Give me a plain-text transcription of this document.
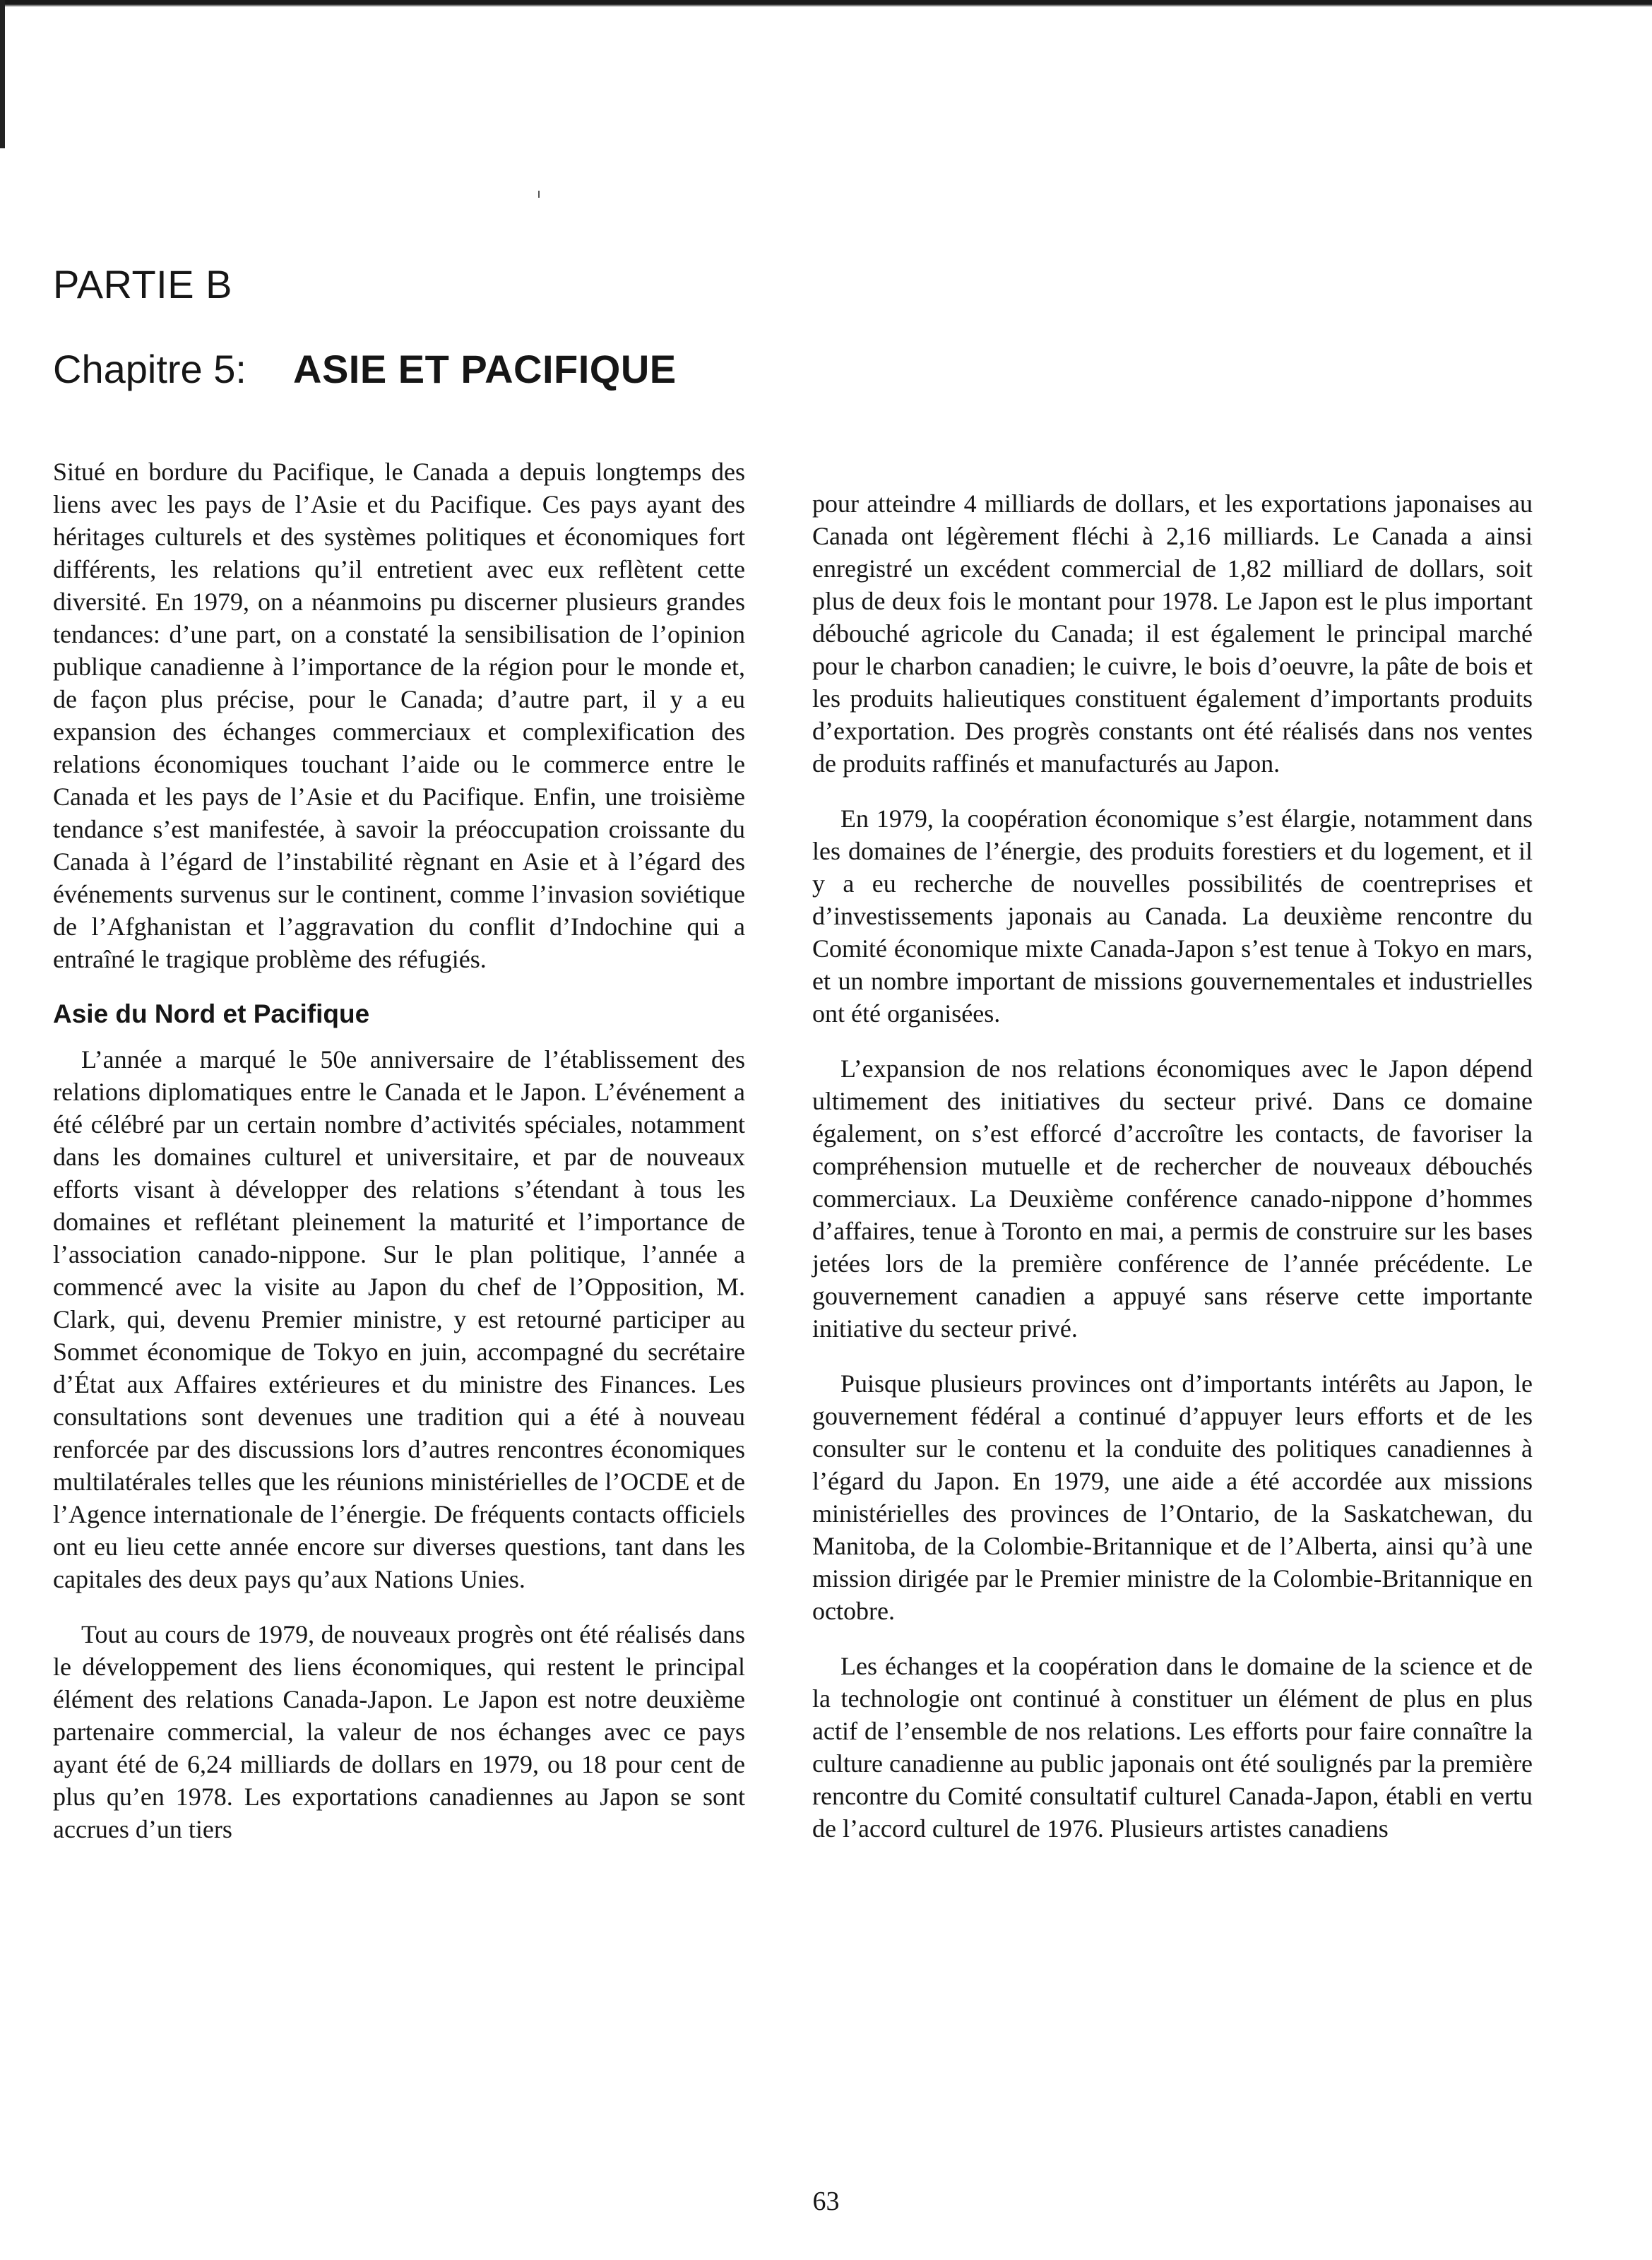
PARTIE B
Chapitre 5: ASIE ET PACIFIQUE

Situé en bordure du Pacifique, le Canada a depuis longtemps des liens avec les pays de l’Asie et du Pacifique. Ces pays ayant des héritages culturels et des systèmes politiques et économiques fort différents, les relations qu’il entretient avec eux reflètent cette diversité. En 1979, on a néanmoins pu discerner plusieurs grandes tendances: d’une part, on a constaté la sensibilisation de l’opinion publique canadienne à l’importance de la région pour le monde et, de façon plus précise, pour le Canada; d’autre part, il y a eu expansion des échanges commerciaux et complexification des relations économiques touchant l’aide ou le commerce entre le Canada et les pays de l’Asie et du Pacifique. Enfin, une troisième tendance s’est manifestée, à savoir la préoccupation croissante du Canada à l’égard de l’instabilité règnant en Asie et à l’égard des événements survenus sur le continent, comme l’invasion soviétique de l’Afghanistan et l’aggravation du conflit d’Indochine qui a entraîné le tragique problème des réfugiés.

Asie du Nord et Pacifique

L’année a marqué le 50e anniversaire de l’établissement des relations diplomatiques entre le Canada et le Japon. L’événement a été célébré par un certain nombre d’activités spéciales, notamment dans les domaines culturel et universitaire, et par de nouveaux efforts visant à développer des relations s’étendant à tous les domaines et reflétant pleinement la maturité et l’importance de l’association canado-nippone. Sur le plan politique, l’année a commencé avec la visite au Japon du chef de l’Opposition, M. Clark, qui, devenu Premier ministre, y est retourné participer au Sommet économique de Tokyo en juin, accompagné du secrétaire d’État aux Affaires extérieures et du ministre des Finances. Les consultations sont devenues une tradition qui a été à nouveau renforcée par des discussions lors d’autres rencontres économiques multilatérales telles que les réunions ministérielles de l’OCDE et de l’Agence internationale de l’énergie. De fréquents contacts officiels ont eu lieu cette année encore sur diverses questions, tant dans les capitales des deux pays qu’aux Nations Unies.

Tout au cours de 1979, de nouveaux progrès ont été réalisés dans le développement des liens économiques, qui restent le principal élément des relations Canada-Japon. Le Japon est notre deuxième partenaire commercial, la valeur de nos échanges avec ce pays ayant été de 6,24 milliards de dollars en 1979, ou 18 pour cent de plus qu’en 1978. Les exportations canadiennes au Japon se sont accrues d’un tiers

pour atteindre 4 milliards de dollars, et les exportations japonaises au Canada ont légèrement fléchi à 2,16 milliards. Le Canada a ainsi enregistré un excédent commercial de 1,82 milliard de dollars, soit plus de deux fois le montant pour 1978. Le Japon est le plus important débouché agricole du Canada; il est également le principal marché pour le charbon canadien; le cuivre, le bois d’oeuvre, la pâte de bois et les produits halieutiques constituent également d’importants produits d’exportation. Des progrès constants ont été réalisés dans nos ventes de produits raffinés et manufacturés au Japon.

En 1979, la coopération économique s’est élargie, notamment dans les domaines de l’énergie, des produits forestiers et du logement, et il y a eu recherche de nouvelles possibilités de coentreprises et d’investissements japonais au Canada. La deuxième rencontre du Comité économique mixte Canada-Japon s’est tenue à Tokyo en mars, et un nombre important de missions gouvernementales et industrielles ont été organisées.

L’expansion de nos relations économiques avec le Japon dépend ultimement des initiatives du secteur privé. Dans ce domaine également, on s’est efforcé d’accroître les contacts, de favoriser la compréhension mutuelle et de rechercher de nouveaux débouchés commerciaux. La Deuxième conférence canado-nippone d’hommes d’affaires, tenue à Toronto en mai, a permis de construire sur les bases jetées lors de la première conférence de l’année précédente. Le gouvernement canadien a appuyé sans réserve cette importante initiative du secteur privé.

Puisque plusieurs provinces ont d’importants intérêts au Japon, le gouvernement fédéral a continué d’appuyer leurs efforts et de les consulter sur le contenu et la conduite des politiques canadiennes à l’égard du Japon. En 1979, une aide a été accordée aux missions ministérielles des provinces de l’Ontario, de la Saskatchewan, du Manitoba, de la Colombie-Britannique et de l’Alberta, ainsi qu’à une mission dirigée par le Premier ministre de la Colombie-Britannique en octobre.

Les échanges et la coopération dans le domaine de la science et de la technologie ont continué à constituer un élément de plus en plus actif de l’ensemble de nos relations. Les efforts pour faire connaître la culture canadienne au public japonais ont été soulignés par la première rencontre du Comité consultatif culturel Canada-Japon, établi en vertu de l’accord culturel de 1976. Plusieurs artistes canadiens

63
